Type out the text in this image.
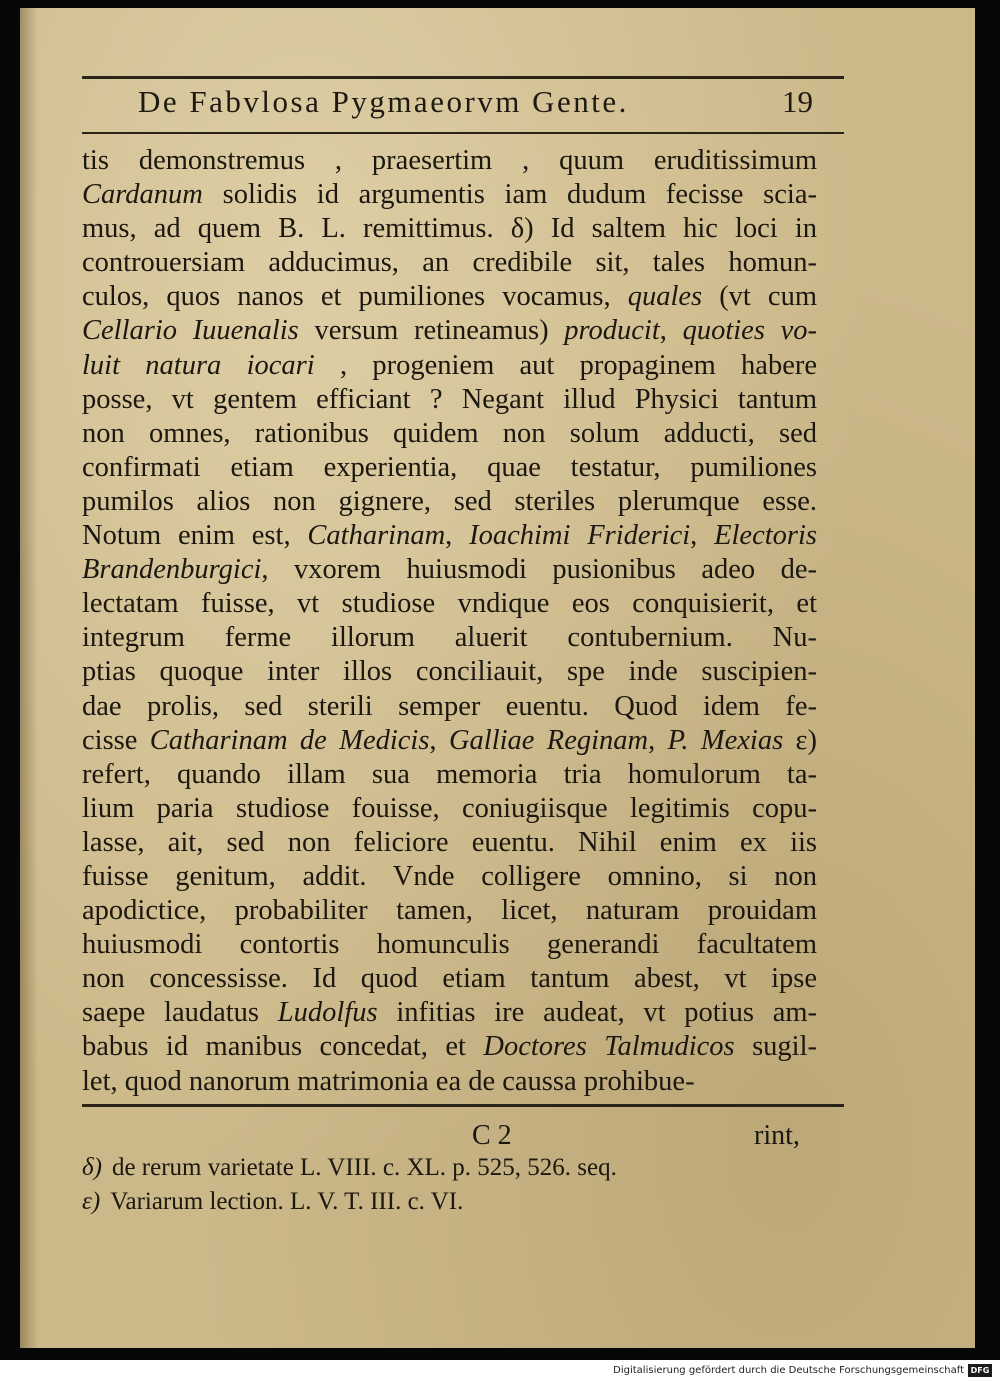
De Fabvlosa Pygmaeorvm Gente.	19
tis demonstremus , praesertim , quum eruditissimum
Cardanum solidis id argumentis iam dudum fecisse scia-
mus, ad quem B. L. remittimus. δ) Id saltem hic loci in
controuersiam adducimus, an credibile sit, tales homun-
culos, quos nanos et pumiliones vocamus, quales (vt cum
Cellario Iuuenalis versum retineamus) producit, quoties vo-
luit natura iocari , progeniem aut propaginem habere
posse, vt gentem efficiant ? Negant illud Physici tantum
non omnes, rationibus quidem non solum adducti, sed
confirmati etiam experientia, quae testatur, pumiliones
pumilos alios non gignere, sed steriles plerumque esse.
Notum enim est, Catharinam, Ioachimi Friderici, Electoris
Brandenburgici, vxorem huiusmodi pusionibus adeo de-
lectatam fuisse, vt studiose vndique eos conquisierit, et
integrum ferme illorum aluerit contubernium. Nu-
ptias quoque inter illos conciliauit, spe inde suscipien-
dae prolis, sed sterili semper euentu. Quod idem fe-
cisse Catharinam de Medicis, Galliae Reginam, P. Mexias ε)
refert, quando illam sua memoria tria homulorum ta-
lium paria studiose fouisse, coniugiisque legitimis copu-
lasse, ait, sed non feliciore euentu. Nihil enim ex iis
fuisse genitum, addit. Vnde colligere omnino, si non
apodictice, probabiliter tamen, licet, naturam prouidam
huiusmodi contortis homunculis generandi facultatem
non concessisse. Id quod etiam tantum abest, vt ipse
saepe laudatus Ludolfus infitias ire audeat, vt potius am-
babus id manibus concedat, et Doctores Talmudicos sugil-
let, quod nanorum matrimonia ea de caussa prohibue-
C 2	rint,
δ) de rerum varietate L. VIII. c. XL. p. 525, 526. seq.
ε) Variarum lection. L. V. T. III. c. VI.
Digitalisierung gefördert durch die Deutsche Forschungsgemeinschaft DFG
